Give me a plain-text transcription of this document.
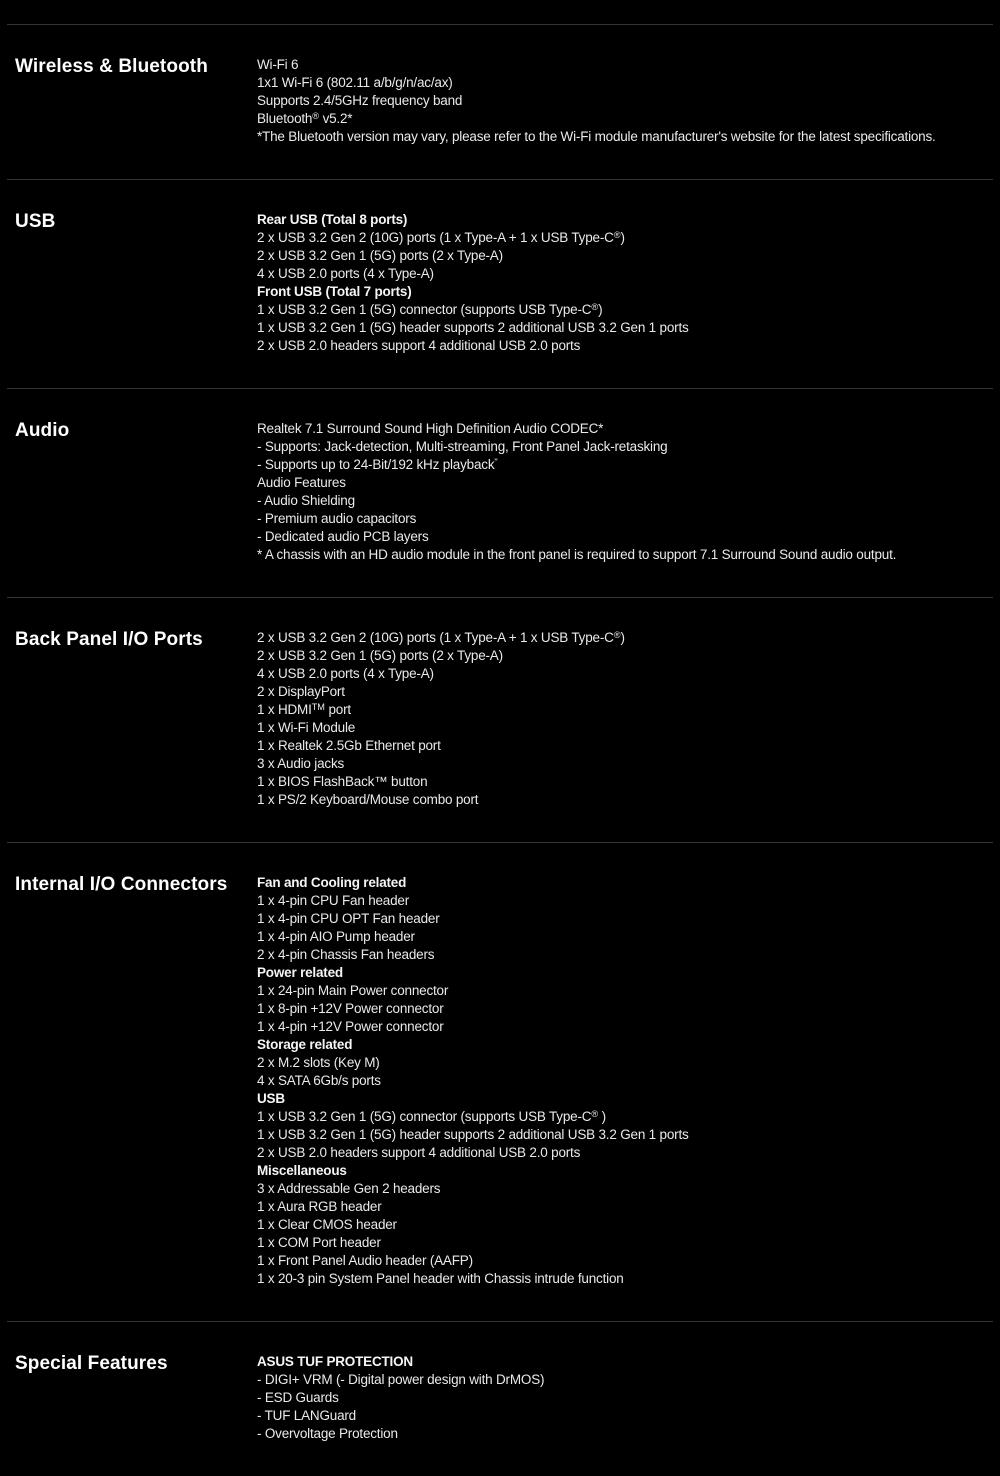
Wireless & Bluetooth	Wi-Fi 6
1x1 Wi-Fi 6 (802.11 a/b/g/n/ac/ax)
Supports 2.4/5GHz frequency band
Bluetooth® v5.2*
*The Bluetooth version may vary, please refer to the Wi-Fi module manufacturer's website for the latest specifications.
USB	Rear USB (Total 8 ports)
2 x USB 3.2 Gen 2 (10G) ports (1 x Type-A + 1 x USB Type-C®)
2 x USB 3.2 Gen 1 (5G) ports (2 x Type-A)
4 x USB 2.0 ports (4 x Type-A)
Front USB (Total 7 ports)
1 x USB 3.2 Gen 1 (5G) connector (supports USB Type-C®)
1 x USB 3.2 Gen 1 (5G) header supports 2 additional USB 3.2 Gen 1 ports
2 x USB 2.0 headers support 4 additional USB 2.0 ports
Audio	Realtek 7.1 Surround Sound High Definition Audio CODEC*
- Supports: Jack-detection, Multi-streaming, Front Panel Jack-retasking
- Supports up to 24-Bit/192 kHz playback"
Audio Features
- Audio Shielding
- Premium audio capacitors
- Dedicated audio PCB layers
* A chassis with an HD audio module in the front panel is required to support 7.1 Surround Sound audio output.
Back Panel I/O Ports	2 x USB 3.2 Gen 2 (10G) ports (1 x Type-A + 1 x USB Type-C®)
2 x USB 3.2 Gen 1 (5G) ports (2 x Type-A)
4 x USB 2.0 ports (4 x Type-A)
2 x DisplayPort
1 x HDMI™ port
1 x Wi-Fi Module
1 x Realtek 2.5Gb Ethernet port
3 x Audio jacks
1 x BIOS FlashBack™ button
1 x PS/2 Keyboard/Mouse combo port
Internal I/O Connectors	Fan and Cooling related
1 x 4-pin CPU Fan header
1 x 4-pin CPU OPT Fan header
1 x 4-pin AIO Pump header
2 x 4-pin Chassis Fan headers
Power related
1 x 24-pin Main Power connector
1 x 8-pin +12V Power connector
1 x 4-pin +12V Power connector
Storage related
2 x M.2 slots (Key M)
4 x SATA 6Gb/s ports
USB
1 x USB 3.2 Gen 1 (5G) connector (supports USB Type-C® )
1 x USB 3.2 Gen 1 (5G) header supports 2 additional USB 3.2 Gen 1 ports
2 x USB 2.0 headers support 4 additional USB 2.0 ports
Miscellaneous
3 x Addressable Gen 2 headers
1 x Aura RGB header
1 x Clear CMOS header
1 x COM Port header
1 x Front Panel Audio header (AAFP)
1 x 20-3 pin System Panel header with Chassis intrude function
Special Features	ASUS TUF PROTECTION
- DIGI+ VRM (- Digital power design with DrMOS)
- ESD Guards
- TUF LANGuard
- Overvoltage Protection
